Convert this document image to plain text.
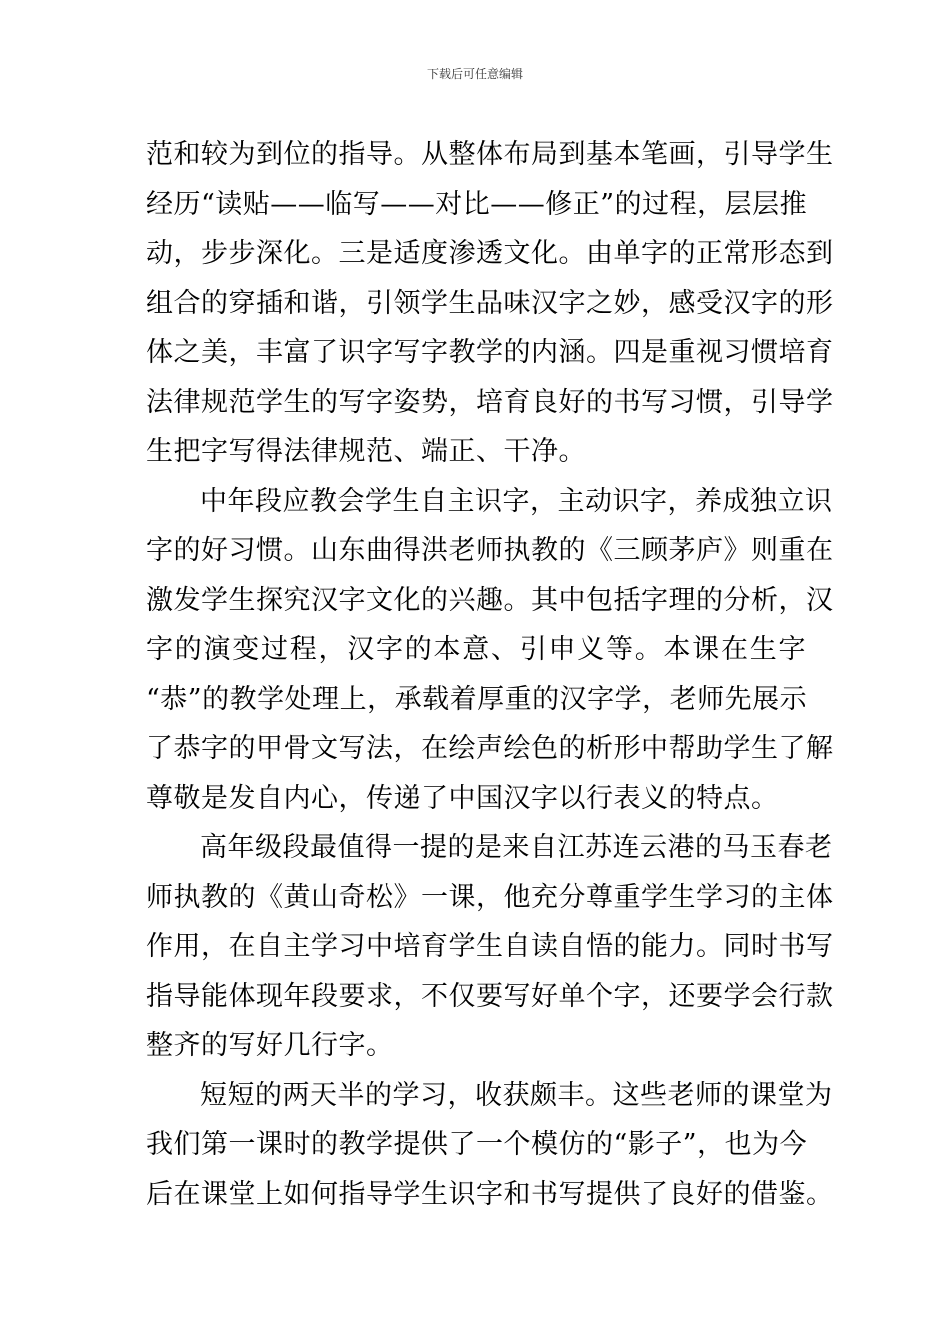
下载后可任意编辑
范和较为到位的指导。从整体布局到基本笔画，引导学生
经历“读贴——临写——对比——修正”的过程，层层推
动，步步深化。三是适度渗透文化。由单字的正常形态到
组合的穿插和谐，引领学生品味汉字之妙，感受汉字的形
体之美，丰富了识字写字教学的内涵。四是重视习惯培育
法律规范学生的写字姿势，培育良好的书写习惯，引导学
生把字写得法律规范、端正、干净。
中年段应教会学生自主识字，主动识字，养成独立识
字的好习惯。山东曲得洪老师执教的《三顾茅庐》则重在
激发学生探究汉字文化的兴趣。其中包括字理的分析，汉
字的演变过程，汉字的本意、引申义等。本课在生字
“恭”的教学处理上，承载着厚重的汉字学，老师先展示
了恭字的甲骨文写法，在绘声绘色的析形中帮助学生了解
尊敬是发自内心，传递了中国汉字以行表义的特点。
高年级段最值得一提的是来自江苏连云港的马玉春老
师执教的《黄山奇松》一课，他充分尊重学生学习的主体
作用，在自主学习中培育学生自读自悟的能力。同时书写
指导能体现年段要求，不仅要写好单个字，还要学会行款
整齐的写好几行字。
短短的两天半的学习，收获颇丰。这些老师的课堂为
我们第一课时的教学提供了一个模仿的“影子”，也为今
后在课堂上如何指导学生识字和书写提供了良好的借鉴。
